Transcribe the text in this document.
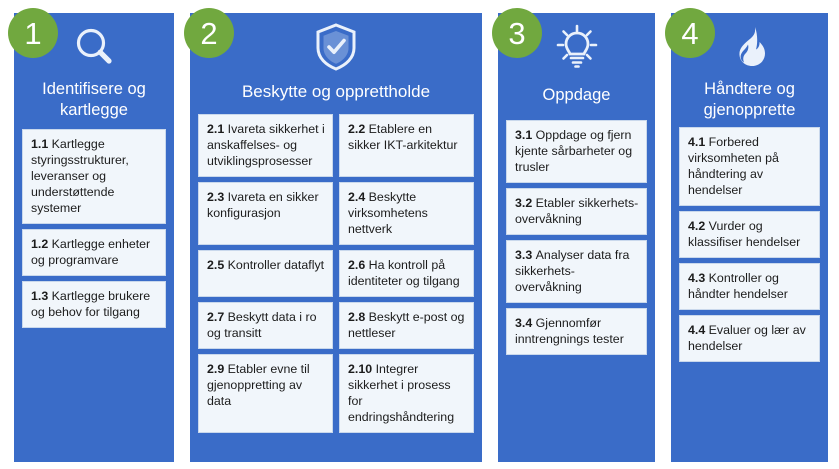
Identifisere og kartlegge
1.1 Kartlegge styringsstrukturer, leveranser og understøttende systemer
1.2 Kartlegge enheter og programvare
1.3 Kartlegge brukere og behov for tilgang
1
Beskytte og opprettholde
2.1 Ivareta sikkerhet i anskaffelses- og utviklingsprosesser
2.2 Etablere en sikker IKT-arkitektur
2.3 Ivareta en sikker konfigurasjon
2.4 Beskytte virksomhetens nettverk
2.5 Kontroller dataflyt	2.6 Ha kontroll på identiteter og tilgang
2.7 Beskytt data i ro og transitt
2.8 Beskytt e-post og nettleser
2.9 Etabler evne til gjenoppretting av data
2.10 Integrer sikkerhet i prosess for endringshåndtering
2
Oppdage
3.1 Oppdage og fjern kjente sårbarheter og trusler
3.2 Etabler sikkerhets-overvåkning
3.3 Analyser data fra sikkerhets-overvåkning
3.4 Gjennomfør inntrengnings tester
3
Håndtere og gjenopprette
4.1 Forbered virksomheten på håndtering av hendelser
4.2 Vurder og klassifiser hendelser
4.3 Kontroller og håndter hendelser
4.4 Evaluer og lær av hendelser
4
